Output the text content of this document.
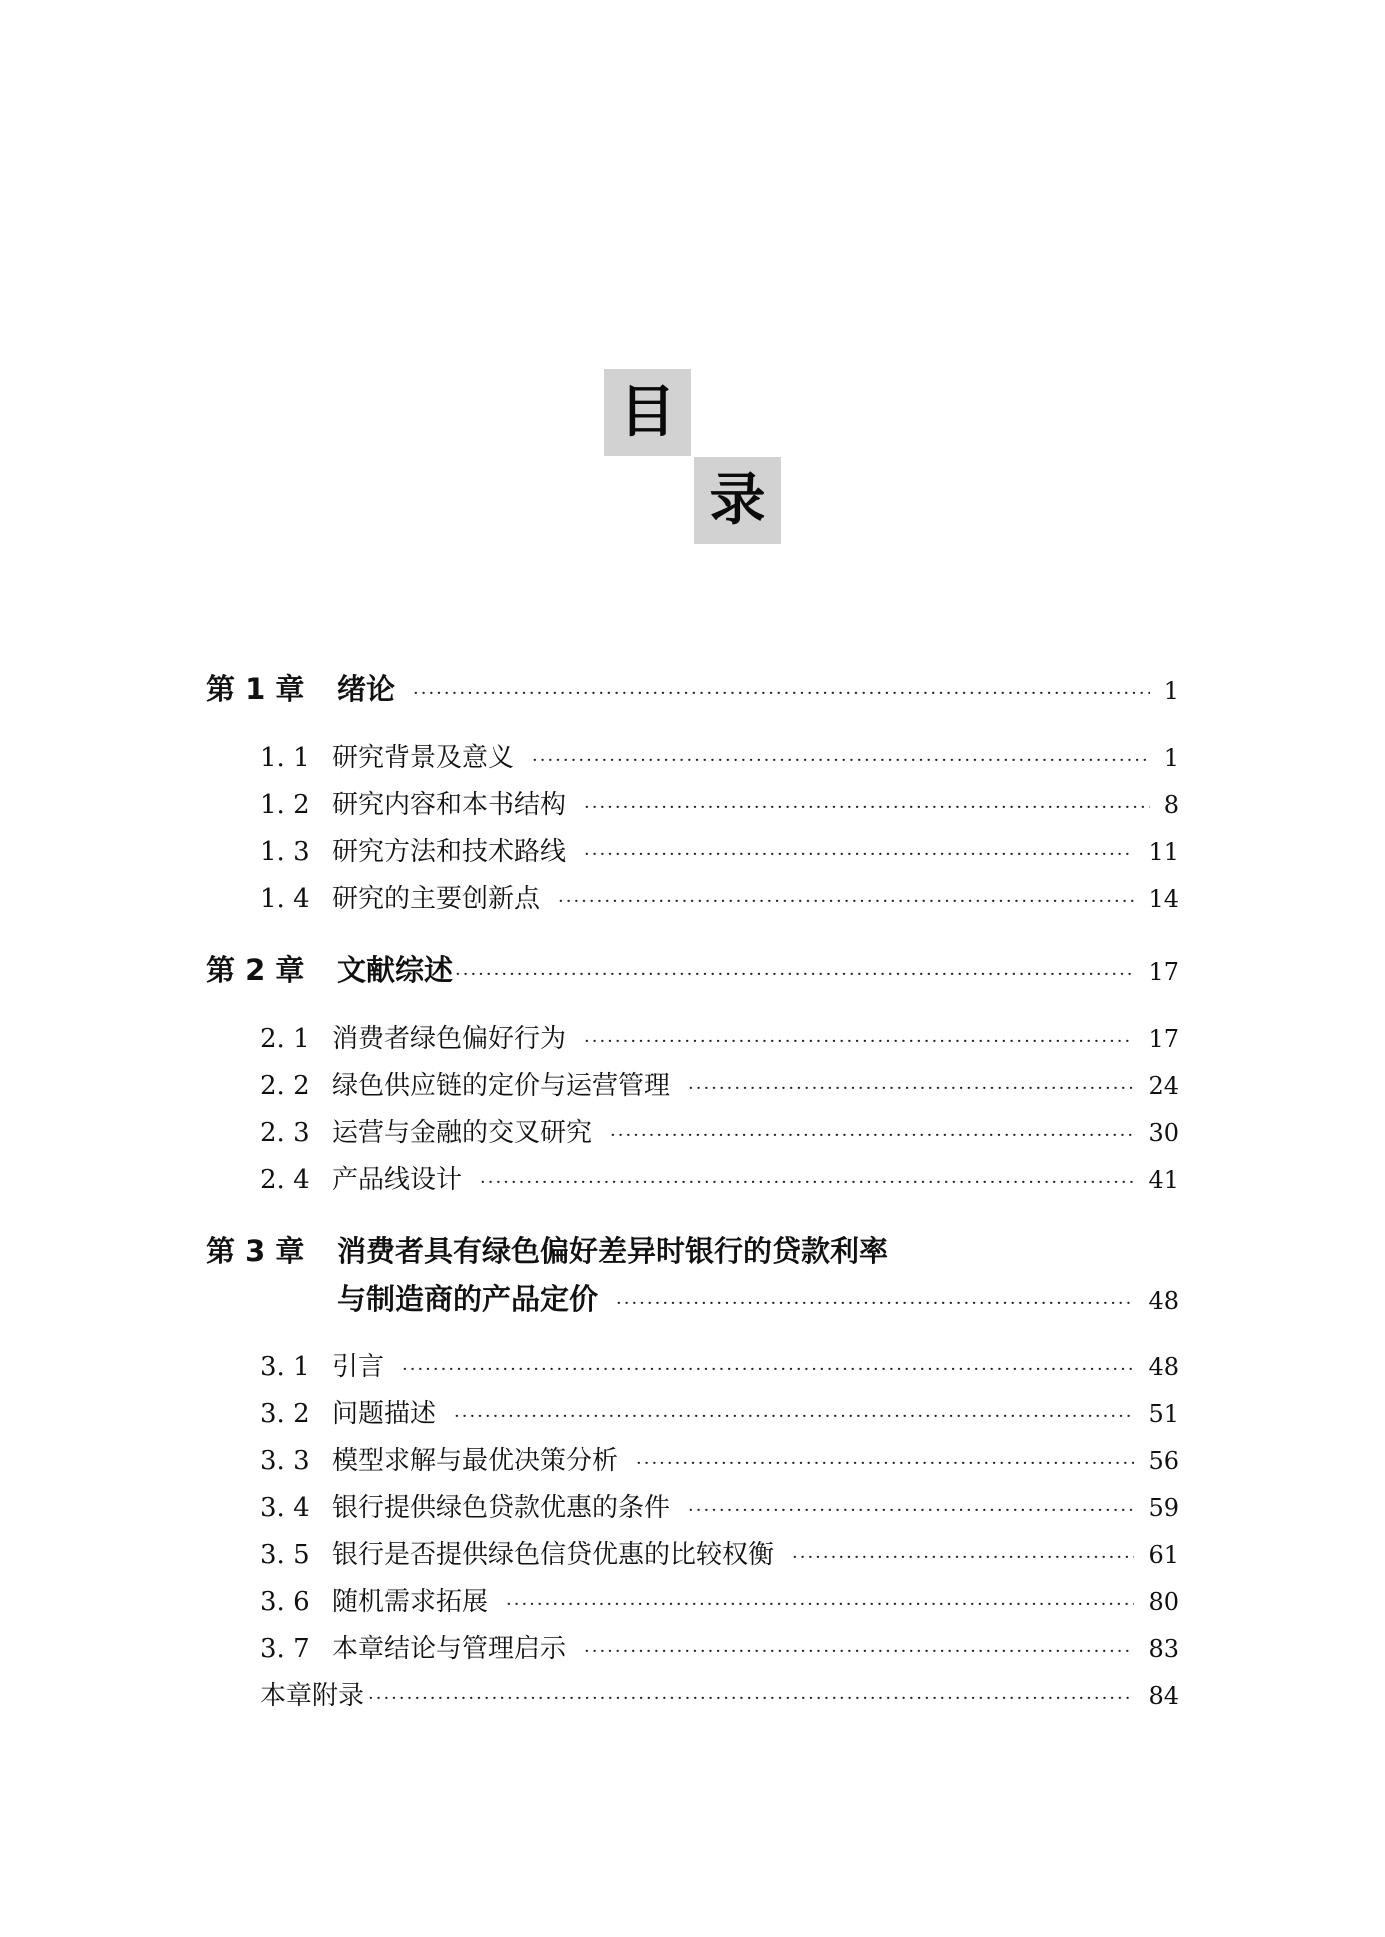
目
录
第 1 章	绪论 ·····	1
1. 1 研究背景及意义 ·····	1
1. 2 研究内容和本书结构 ·····	8
1. 3 研究方法和技术路线 ·····	11
1. 4 研究的主要创新点 ·····	14
第 2 章	文献综述 ·····	17
2. 1 消费者绿色偏好行为 ·····	17
2. 2 绿色供应链的定价与运营管理 ·····	24
2. 3 运营与金融的交叉研究 ·····	30
2. 4 产品线设计 ·····	41
第 3 章 消费者具有绿色偏好差异时银行的贷款利率
与制造商的产品定价 ·····	48
3. 1 引言 ·····	48
3. 2 问题描述 ·····	51
3. 3 模型求解与最优决策分析 ·····	56
3. 4 银行提供绿色贷款优惠的条件 ·····	59
3. 5 银行是否提供绿色信贷优惠的比较权衡 ·····	61
3. 6 随机需求拓展 ·····	80
3. 7 本章结论与管理启示 ·····	83
本章附录 ·····	84
